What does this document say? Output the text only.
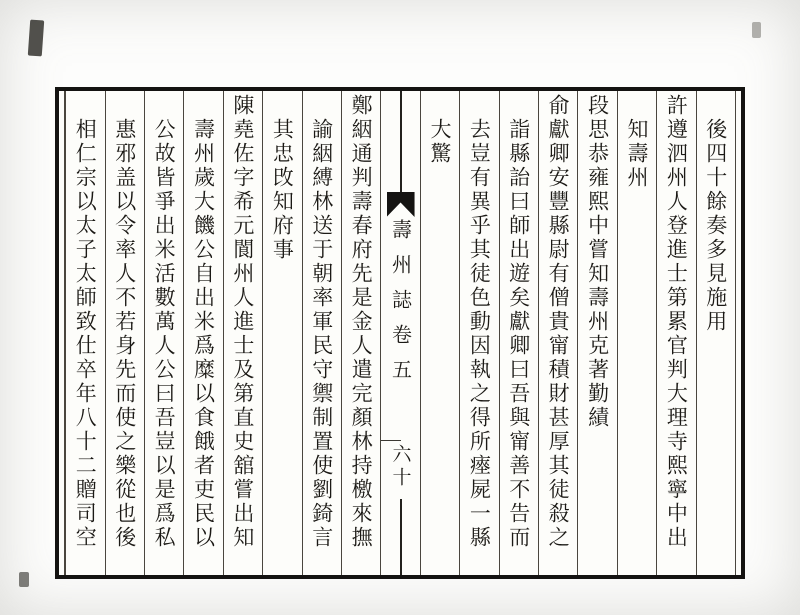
後四十餘奏多見施用
許遵泗州人登進士第累官判大理寺熙寧中出
知壽州
段思恭雍熙中嘗知壽州克著勤績
俞獻卿安豐縣尉有僧貴甯積財甚厚其徒殺之
詣縣詒曰師出遊矣獻卿曰吾與甯善不告而
去豈有異乎其徒色動因執之得所瘞屍一縣
大驚
壽州誌卷五
六十
鄭絪通判壽春府先是金人遣完顏林持檄來撫
諭絪縛林送于朝率軍民守禦制置使劉錡言
其忠攺知府事
陳堯佐字希元閬州人進士及第直史舘嘗出知
壽州歲大饑公自出米爲糜以食餓者吏民以
公故皆爭出米活數萬人公曰吾豈以是爲私
惠邪盖以令率人不若身先而使之樂從也後
相仁宗以太子太師致仕卒年八十二贈司空
